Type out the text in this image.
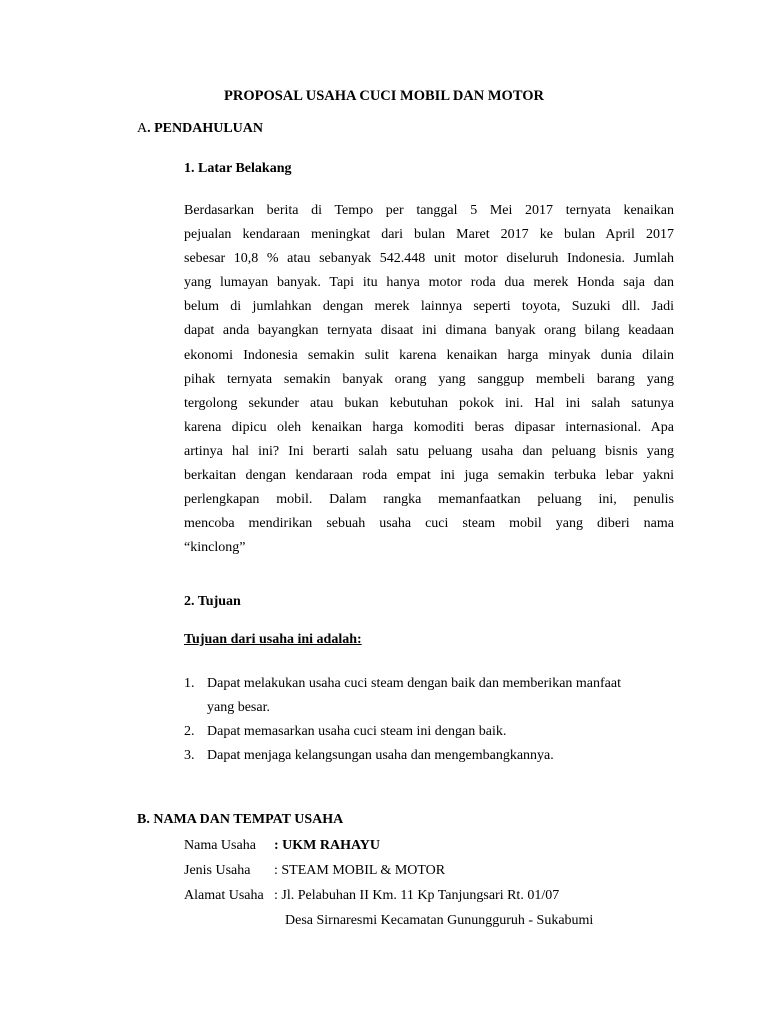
PROPOSAL USAHA CUCI MOBIL DAN MOTOR
A. PENDAHULUAN
1. Latar Belakang
Berdasarkan berita di Tempo per tanggal 5 Mei 2017 ternyata kenaikan
pejualan kendaraan meningkat dari bulan Maret 2017 ke bulan April 2017
sebesar 10,8 % atau sebanyak 542.448 unit motor diseluruh Indonesia. Jumlah
yang lumayan banyak. Tapi itu hanya motor roda dua merek Honda saja dan
belum di jumlahkan dengan merek lainnya seperti toyota, Suzuki dll. Jadi
dapat anda bayangkan ternyata disaat ini dimana banyak orang bilang keadaan
ekonomi Indonesia semakin sulit karena kenaikan harga minyak dunia dilain
pihak ternyata semakin banyak orang yang sanggup membeli barang yang
tergolong sekunder atau bukan kebutuhan pokok ini. Hal ini salah satunya
karena dipicu oleh kenaikan harga komoditi beras dipasar internasional. Apa
artinya hal ini? Ini berarti salah satu peluang usaha dan peluang bisnis yang
berkaitan dengan kendaraan roda empat ini juga semakin terbuka lebar yakni
perlengkapan mobil. Dalam rangka memanfaatkan peluang ini, penulis
mencoba mendirikan sebuah usaha cuci steam mobil yang diberi nama
“kinclong”
2. Tujuan
Tujuan dari usaha ini adalah:
1. Dapat melakukan usaha cuci steam dengan baik dan memberikan manfaat
yang besar.
2. Dapat memasarkan usaha cuci steam ini dengan baik.
3. Dapat menjaga kelangsungan usaha dan mengembangkannya.
B. NAMA DAN TEMPAT USAHA
Nama Usaha : UKM RAHAYU
Jenis Usaha : STEAM MOBIL & MOTOR
Alamat Usaha : Jl. Pelabuhan II Km. 11 Kp Tanjungsari Rt. 01/07
Desa Sirnaresmi Kecamatan Gunungguruh - Sukabumi
